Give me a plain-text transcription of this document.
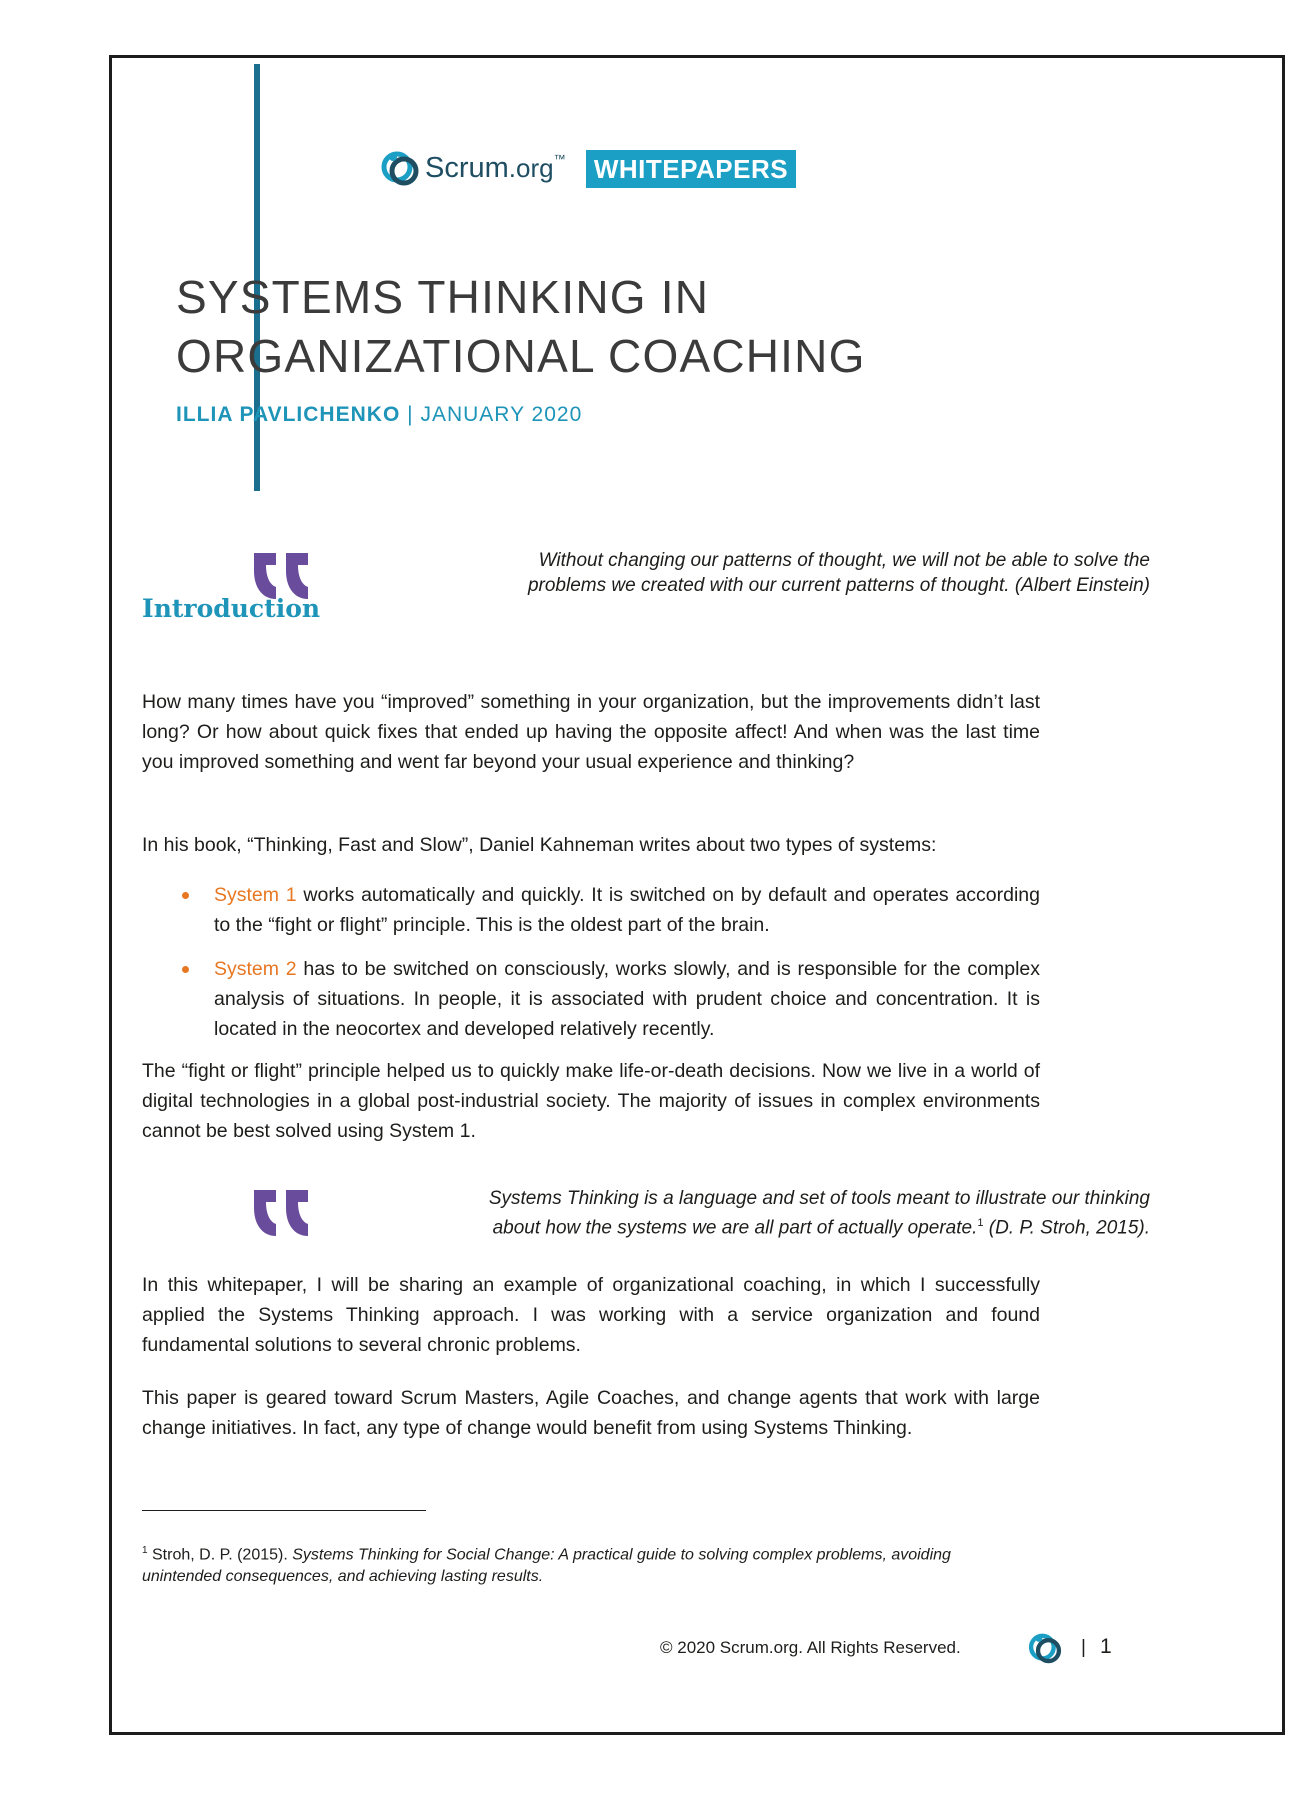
Scrum.org™	WHITEPAPERS
SYSTEMS THINKING IN
ORGANIZATIONAL COACHING
ILLIA PAVLICHENKO | JANUARY 2020
Without changing our patterns of thought, we will not be able to solve the
problems we created with our current patterns of thought. (Albert Einstein)
Introduction

How many times have you “improved” something in your organization, but the improvements didn’t last long? Or how about quick fixes that ended up having the opposite affect! And when was the last time you improved something and went far beyond your usual experience and thinking?

In his book, “Thinking, Fast and Slow”, Daniel Kahneman writes about two types of systems:

System 1 works automatically and quickly. It is switched on by default and operates according to the “fight or flight” principle. This is the oldest part of the brain.
System 2 has to be switched on consciously, works slowly, and is responsible for the complex analysis of situations. In people, it is associated with prudent choice and concentration. It is located in the neocortex and developed relatively recently.

The “fight or flight” principle helped us to quickly make life-or-death decisions. Now we live in a world of digital technologies in a global post-industrial society. The majority of issues in complex environments cannot be best solved using System 1.

Systems Thinking is a language and set of tools meant to illustrate our thinking
about how the systems we are all part of actually operate.$^1$ (D. P. Stroh, 2015).

In this whitepaper, I will be sharing an example of organizational coaching, in which I successfully applied the Systems Thinking approach. I was working with a service organization and found fundamental solutions to several chronic problems.

This paper is geared toward Scrum Masters, Agile Coaches, and change agents that work with large change initiatives. In fact, any type of change would benefit from using Systems Thinking.

$^1$ Stroh, D. P. (2015). Systems Thinking for Social Change: A practical guide to solving complex problems, avoiding unintended consequences, and achieving lasting results.
© 2020 Scrum.org. All Rights Reserved.	| 1
